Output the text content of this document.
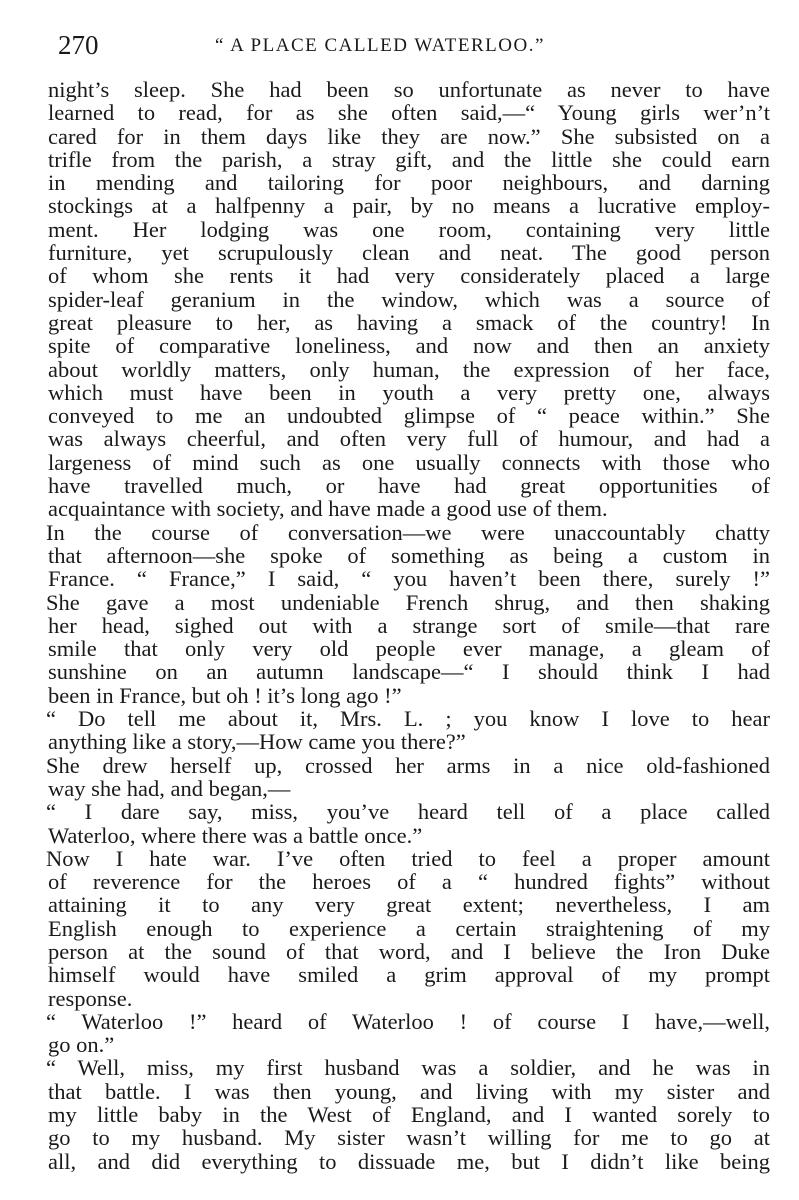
270	“ A PLACE CALLED WATERLOO.”
night’s sleep. She had been so unfortunate as never to have
learned to read, for as she often said,—“ Young girls wer’n’t
cared for in them days like they are now.” She subsisted on a
trifle from the parish, a stray gift, and the little she could earn
in mending and tailoring for poor neighbours, and darning
stockings at a halfpenny a pair, by no means a lucrative employ-
ment. Her lodging was one room, containing very little
furniture, yet scrupulously clean and neat. The good person
of whom she rents it had very considerately placed a large
spider-leaf geranium in the window, which was a source of
great pleasure to her, as having a smack of the country! In
spite of comparative loneliness, and now and then an anxiety
about worldly matters, only human, the expression of her face,
which must have been in youth a very pretty one, always
conveyed to me an undoubted glimpse of “ peace within.” She
was always cheerful, and often very full of humour, and had a
largeness of mind such as one usually connects with those who
have travelled much, or have had great opportunities of
acquaintance with society, and have made a good use of them.
In the course of conversation—we were unaccountably chatty
that afternoon—she spoke of something as being a custom in
France. “ France,” I said, “ you haven’t been there, surely !”
She gave a most undeniable French shrug, and then shaking
her head, sighed out with a strange sort of smile—that rare
smile that only very old people ever manage, a gleam of
sunshine on an autumn landscape—“ I should think I had
been in France, but oh ! it’s long ago !”
“ Do tell me about it, Mrs. L. ; you know I love to hear
anything like a story,—How came you there?”
She drew herself up, crossed her arms in a nice old-fashioned
way she had, and began,—
“ I dare say, miss, you’ve heard tell of a place called
Waterloo, where there was a battle once.”
Now I hate war. I’ve often tried to feel a proper amount
of reverence for the heroes of a “ hundred fights” without
attaining it to any very great extent; nevertheless, I am
English enough to experience a certain straightening of my
person at the sound of that word, and I believe the Iron Duke
himself would have smiled a grim approval of my prompt
response.
“ Waterloo !” heard of Waterloo ! of course I have,—well,
go on.”
“ Well, miss, my first husband was a soldier, and he was in
that battle. I was then young, and living with my sister and
my little baby in the West of England, and I wanted sorely to
go to my husband. My sister wasn’t willing for me to go at
all, and did everything to dissuade me, but I didn’t like being
